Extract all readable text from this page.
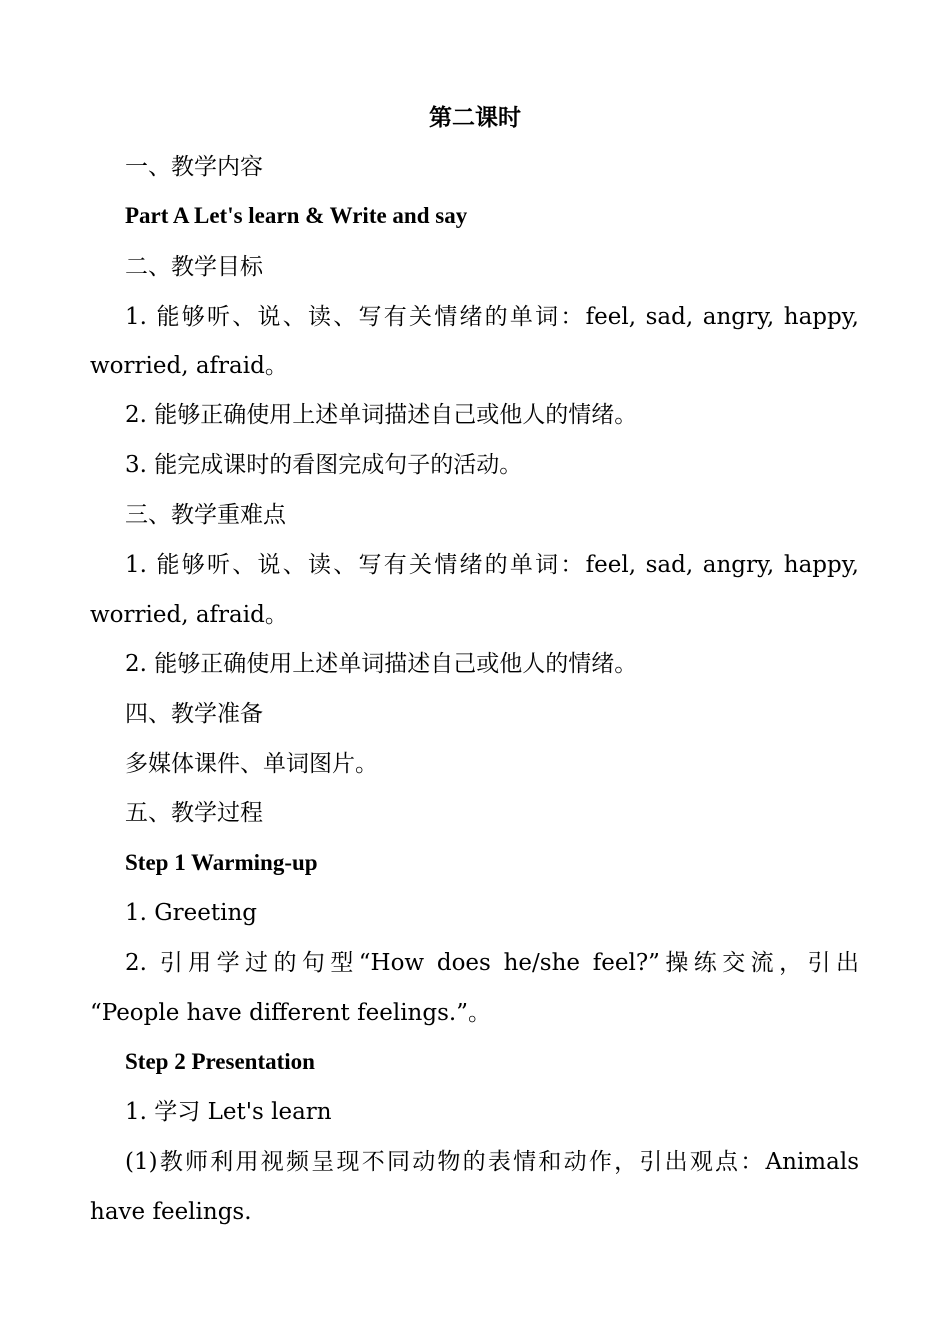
第二课时
一、教学内容
Part A Let's learn & Write and say
二、教学目标
1. 能够听、说、读、写有关情绪的单词：feel, sad, angry, happy,
worried, afraid。
2. 能够正确使用上述单词描述自己或他人的情绪。
3. 能完成课时的看图完成句子的活动。
三、教学重难点
1. 能够听、说、读、写有关情绪的单词：feel, sad, angry, happy,
worried, afraid。
2. 能够正确使用上述单词描述自己或他人的情绪。
四、教学准备
多媒体课件、单词图片。
五、教学过程
Step 1 Warming-up
1. Greeting
2. 引用学过的句型“How does he/she feel?”操练交流，引出
“People have different feelings.”。
Step 2 Presentation
1. 学习 Let's learn
(1)教师利用视频呈现不同动物的表情和动作，引出观点：Animals
have feelings.
